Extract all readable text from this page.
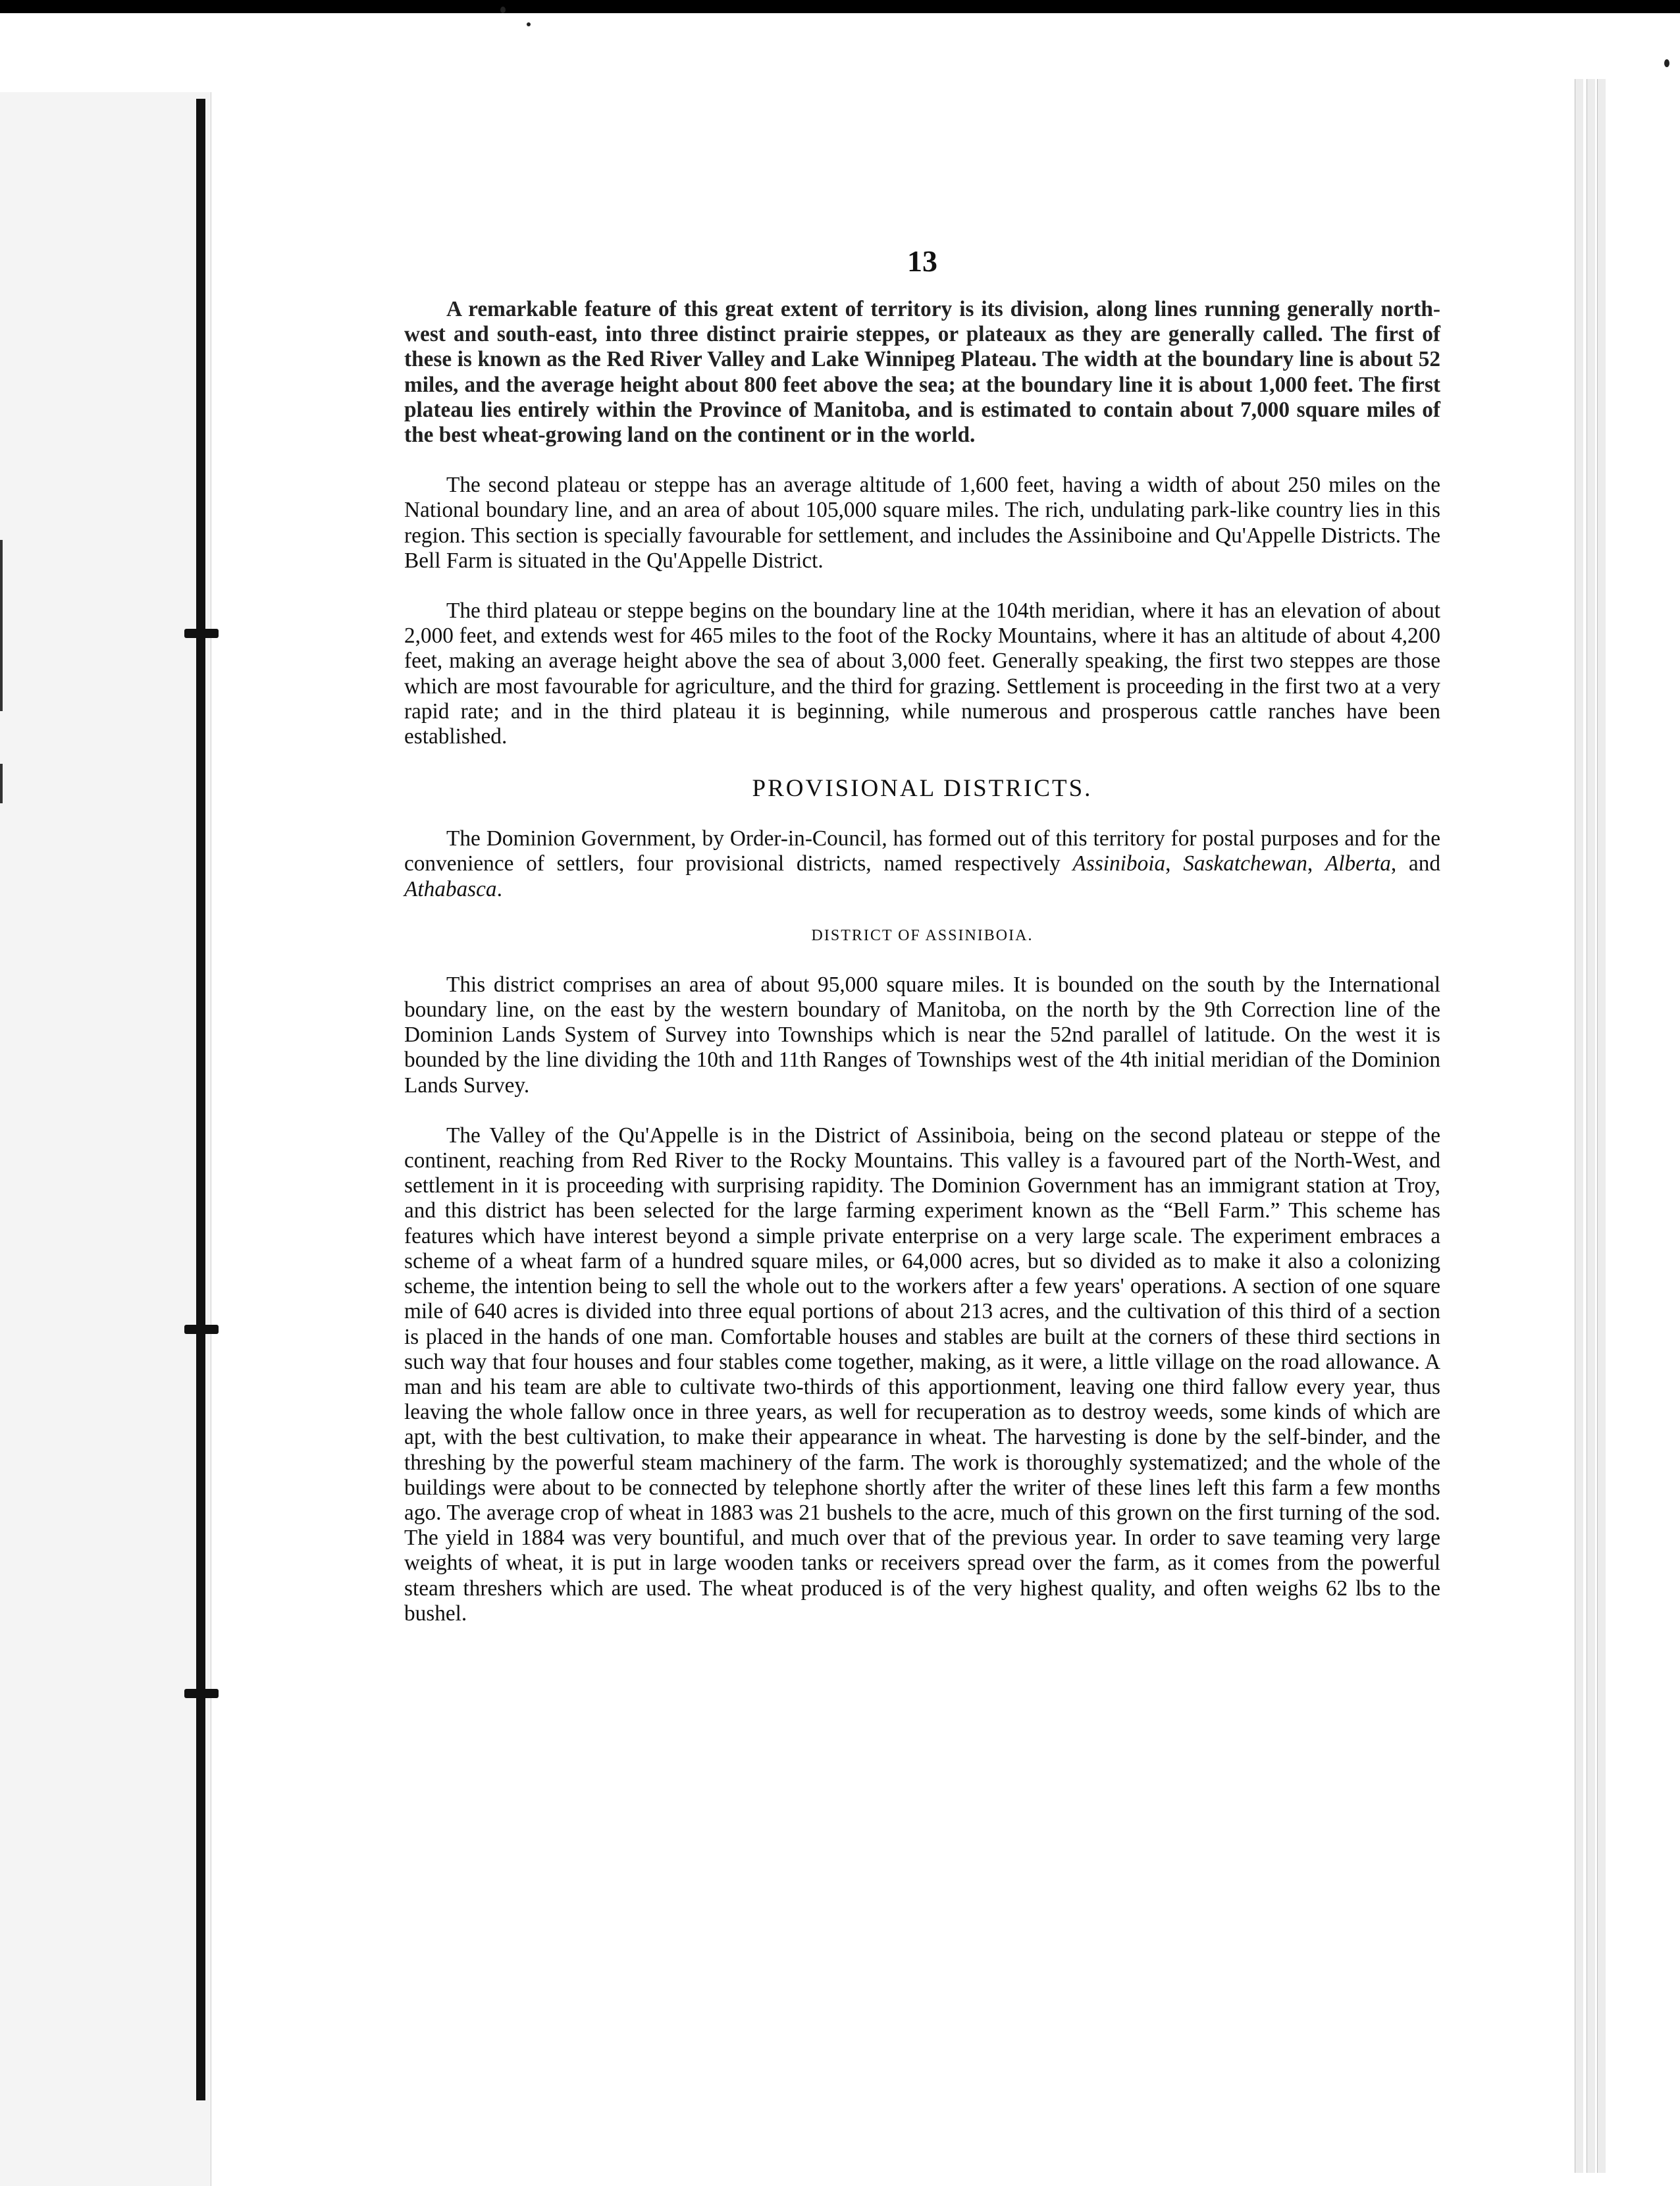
13

A remarkable feature of this great extent of territory is its division, along lines running generally north-west and south-east, into three distinct prairie steppes, or plateaux as they are generally called. The first of these is known as the Red River Valley and Lake Winnipeg Plateau. The width at the boundary line is about 52 miles, and the average height about 800 feet above the sea; at the boundary line it is about 1,000 feet. The first plateau lies entirely within the Province of Manitoba, and is estimated to contain about 7,000 square miles of the best wheat-growing land on the continent or in the world.

The second plateau or steppe has an average altitude of 1,600 feet, having a width of about 250 miles on the National boundary line, and an area of about 105,000 square miles. The rich, undulating park-like country lies in this region. This section is specially favourable for settlement, and includes the Assiniboine and Qu'Appelle Districts. The Bell Farm is situated in the Qu'Appelle District.

The third plateau or steppe begins on the boundary line at the 104th meridian, where it has an elevation of about 2,000 feet, and extends west for 465 miles to the foot of the Rocky Mountains, where it has an altitude of about 4,200 feet, making an average height above the sea of about 3,000 feet. Generally speaking, the first two steppes are those which are most favourable for agriculture, and the third for grazing. Settlement is proceeding in the first two at a very rapid rate; and in the third plateau it is beginning, while numerous and prosperous cattle ranches have been established.

PROVISIONAL DISTRICTS.

The Dominion Government, by Order-in-Council, has formed out of this territory for postal purposes and for the convenience of settlers, four provisional districts, named respectively Assiniboia, Saskatchewan, Alberta, and Athabasca.

DISTRICT OF ASSINIBOIA.

This district comprises an area of about 95,000 square miles. It is bounded on the south by the International boundary line, on the east by the western boundary of Manitoba, on the north by the 9th Correction line of the Dominion Lands System of Survey into Townships which is near the 52nd parallel of latitude. On the west it is bounded by the line dividing the 10th and 11th Ranges of Townships west of the 4th initial meridian of the Dominion Lands Survey.

The Valley of the Qu'Appelle is in the District of Assiniboia, being on the second plateau or steppe of the continent, reaching from Red River to the Rocky Mountains. This valley is a favoured part of the North-West, and settlement in it is proceeding with surprising rapidity. The Dominion Government has an immigrant station at Troy, and this district has been selected for the large farming experiment known as the “Bell Farm.” This scheme has features which have interest beyond a simple private enterprise on a very large scale. The experiment embraces a scheme of a wheat farm of a hundred square miles, or 64,000 acres, but so divided as to make it also a colonizing scheme, the intention being to sell the whole out to the workers after a few years' operations. A section of one square mile of 640 acres is divided into three equal portions of about 213 acres, and the cultivation of this third of a section is placed in the hands of one man. Comfortable houses and stables are built at the corners of these third sections in such way that four houses and four stables come together, making, as it were, a little village on the road allowance. A man and his team are able to cultivate two-thirds of this apportionment, leaving one third fallow every year, thus leaving the whole fallow once in three years, as well for recuperation as to destroy weeds, some kinds of which are apt, with the best cultivation, to make their appearance in wheat. The harvesting is done by the self-binder, and the threshing by the powerful steam machinery of the farm. The work is thoroughly systematized; and the whole of the buildings were about to be connected by telephone shortly after the writer of these lines left this farm a few months ago. The average crop of wheat in 1883 was 21 bushels to the acre, much of this grown on the first turning of the sod. The yield in 1884 was very bountiful, and much over that of the previous year. In order to save teaming very large weights of wheat, it is put in large wooden tanks or receivers spread over the farm, as it comes from the powerful steam threshers which are used. The wheat produced is of the very highest quality, and often weighs 62 lbs to the bushel.
